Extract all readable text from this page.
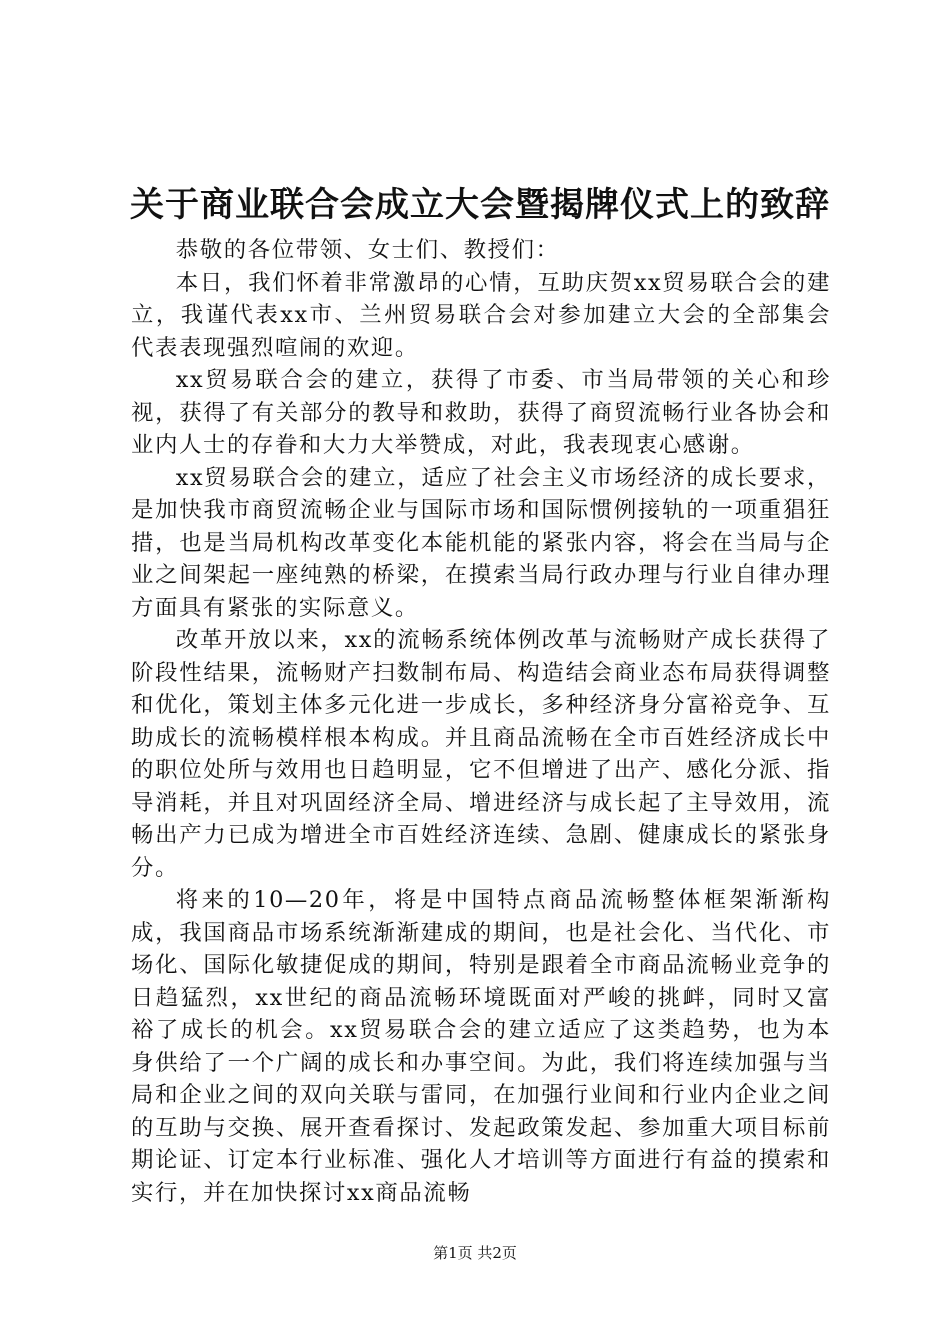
关于商业联合会成立大会暨揭牌仪式上的致辞

恭敬的各位带领、女士们、教授们：

本日，我们怀着非常激昂的心情，互助庆贺xx贸易联合会的建立，我谨代表xx市、兰州贸易联合会对参加建立大会的全部集会代表表现强烈喧闹的欢迎。

xx贸易联合会的建立，获得了市委、市当局带领的关心和珍视，获得了有关部分的教导和救助，获得了商贸流畅行业各协会和业内人士的存眷和大力大举赞成，对此，我表现衷心感谢。

xx贸易联合会的建立，适应了社会主义市场经济的成长要求，是加快我市商贸流畅企业与国际市场和国际惯例接轨的一项重猖狂措，也是当局机构改革变化本能机能的紧张内容，将会在当局与企业之间架起一座纯熟的桥梁，在摸索当局行政办理与行业自律办理方面具有紧张的实际意义。

改革开放以来，xx的流畅系统体例改革与流畅财产成长获得了阶段性结果，流畅财产扫数制布局、构造结会商业态布局获得调整和优化，策划主体多元化进一步成长，多种经济身分富裕竞争、互助成长的流畅模样根本构成。并且商品流畅在全市百姓经济成长中的职位处所与效用也日趋明显，它不但增进了出产、感化分派、指导消耗，并且对巩固经济全局、增进经济与成长起了主导效用，流畅出产力已成为增进全市百姓经济连续、急剧、健康成长的紧张身分。

将来的10—20年，将是中国特点商品流畅整体框架渐渐构成，我国商品市场系统渐渐建成的期间，也是社会化、当代化、市场化、国际化敏捷促成的期间，特别是跟着全市商品流畅业竞争的日趋猛烈，xx世纪的商品流畅环境既面对严峻的挑衅，同时又富裕了成长的机会。xx贸易联合会的建立适应了这类趋势，也为本身供给了一个广阔的成长和办事空间。为此，我们将连续加强与当局和企业之间的双向关联与雷同，在加强行业间和行业内企业之间的互助与交换、展开查看探讨、发起政策发起、参加重大项目标前期论证、订定本行业标准、强化人才培训等方面进行有益的摸索和实行，并在加快探讨xx商品流畅

第1页 共2页
